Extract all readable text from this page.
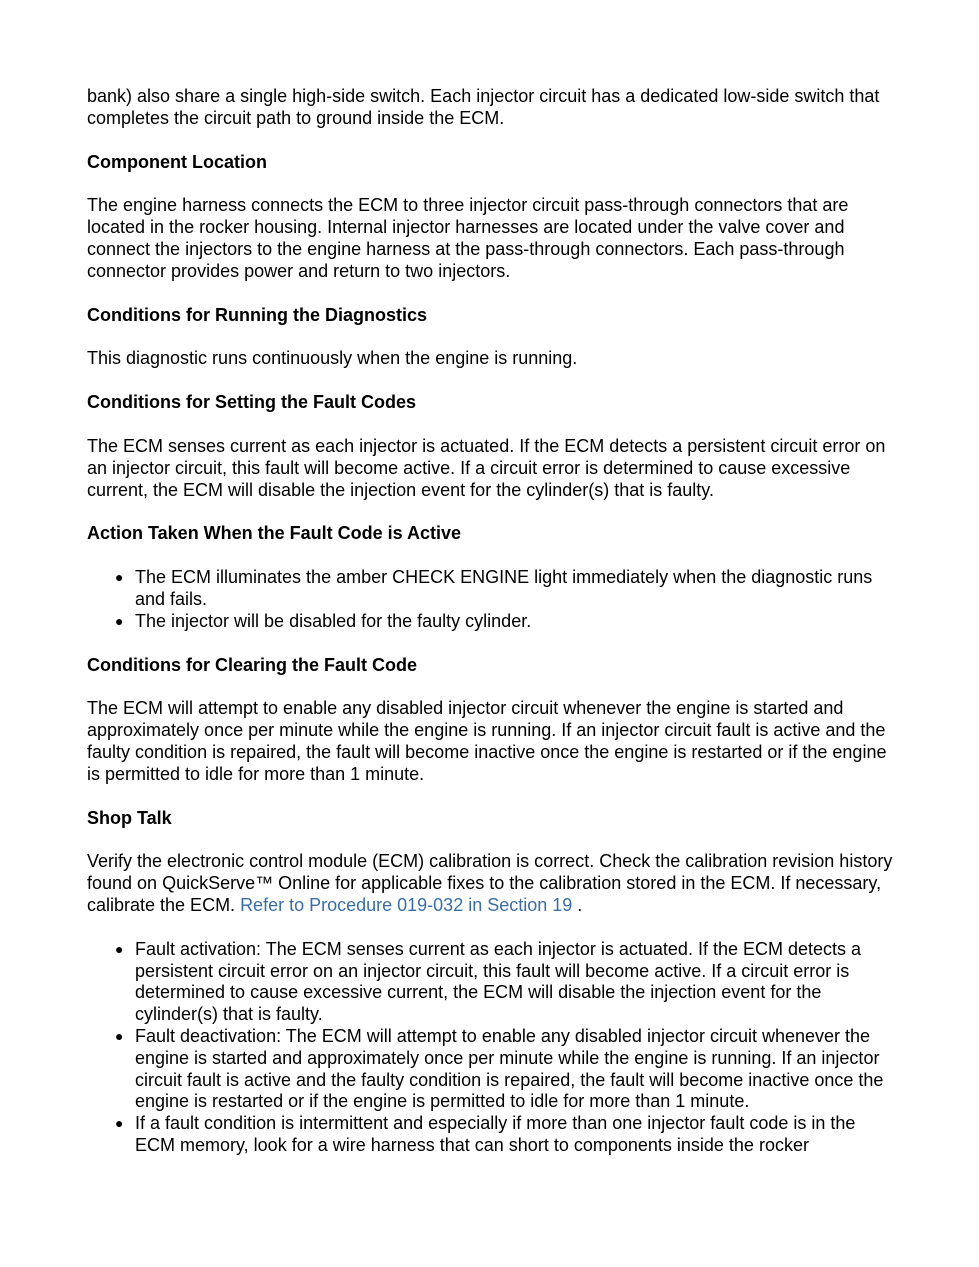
bank) also share a single high-side switch. Each injector circuit has a dedicated low-side switch that completes the circuit path to ground inside the ECM.

Component Location

The engine harness connects the ECM to three injector circuit pass-through connectors that are located in the rocker housing. Internal injector harnesses are located under the valve cover and connect the injectors to the engine harness at the pass-through connectors. Each pass-through connector provides power and return to two injectors.

Conditions for Running the Diagnostics

This diagnostic runs continuously when the engine is running.

Conditions for Setting the Fault Codes

The ECM senses current as each injector is actuated. If the ECM detects a persistent circuit error on an injector circuit, this fault will become active. If a circuit error is determined to cause excessive current, the ECM will disable the injection event for the cylinder(s) that is faulty.

Action Taken When the Fault Code is Active
● The ECM illuminates the amber CHECK ENGINE light immediately when the diagnostic runs and fails.
● The injector will be disabled for the faulty cylinder.
Conditions for Clearing the Fault Code

The ECM will attempt to enable any disabled injector circuit whenever the engine is started and approximately once per minute while the engine is running. If an injector circuit fault is active and the faulty condition is repaired, the fault will become inactive once the engine is restarted or if the engine is permitted to idle for more than 1 minute.

Shop Talk

Verify the electronic control module (ECM) calibration is correct. Check the calibration revision history found on QuickServe™ Online for applicable fixes to the calibration stored in the ECM. If necessary, calibrate the ECM. Refer to Procedure 019-032 in Section 19 .

● Fault activation: The ECM senses current as each injector is actuated. If the ECM detects a persistent circuit error on an injector circuit, this fault will become active. If a circuit error is determined to cause excessive current, the ECM will disable the injection event for the cylinder(s) that is faulty.
● Fault deactivation: The ECM will attempt to enable any disabled injector circuit whenever the engine is started and approximately once per minute while the engine is running. If an injector circuit fault is active and the faulty condition is repaired, the fault will become inactive once the engine is restarted or if the engine is permitted to idle for more than 1 minute.
● If a fault condition is intermittent and especially if more than one injector fault code is in the ECM memory, look for a wire harness that can short to components inside the rocker
